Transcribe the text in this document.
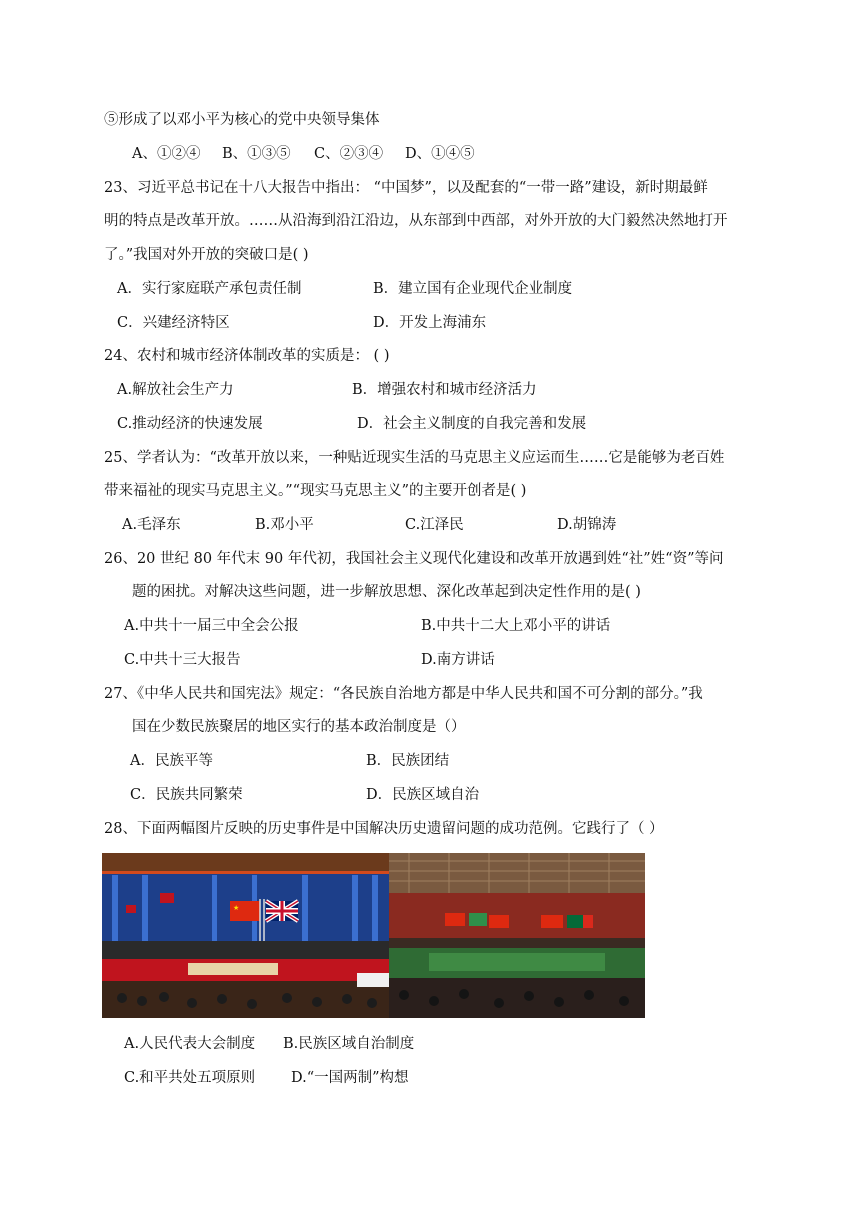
⑤形成了以邓小平为核心的党中央领导集体
A、①②④ B、①③⑤ C、②③④ D、①④⑤
23、习近平总书记在十八大报告中指出： “中国梦”，以及配套的“一带一路”建设，新时期最鲜
明的特点是改革开放。……从沿海到沿江沿边，从东部到中西部，对外开放的大门毅然决然地打开
了。”我国对外开放的突破口是( )
A．实行家庭联产承包责任制	B．建立国有企业现代企业制度
C．兴建经济特区	D．开发上海浦东
24、农村和城市经济体制改革的实质是： ( )
A.解放社会生产力	B．增强农村和城市经济活力
C.推动经济的快速发展	D．社会主义制度的自我完善和发展
25、学者认为：“改革开放以来，一种贴近现实生活的马克思主义应运而生……它是能够为老百姓
带来福祉的现实马克思主义。”“现实马克思主义”的主要开创者是( )
A.毛泽东	B.邓小平	C.江泽民	D.胡锦涛
26、20 世纪 80 年代末 90 年代初，我国社会主义现代化建设和改革开放遇到姓“社”姓“资”等问
题的困扰。对解决这些问题，进一步解放思想、深化改革起到决定性作用的是( )
A.中共十一届三中全会公报	B.中共十二大上邓小平的讲话
C.中共十三大报告	D.南方讲话
27、《中华人民共和国宪法》规定：“各民族自治地方都是中华人民共和国不可分割的部分。”我
国在少数民族聚居的地区实行的基本政治制度是（）
A．民族平等	B．民族团结
C．民族共同繁荣	D．民族区域自治
28、下面两幅图片反映的历史事件是中国解决历史遗留问题的成功范例。它践行了（ ）
★
A.人民代表大会制度 B.民族区域自治制度
C.和平共处五项原则 D.“一国两制”构想
